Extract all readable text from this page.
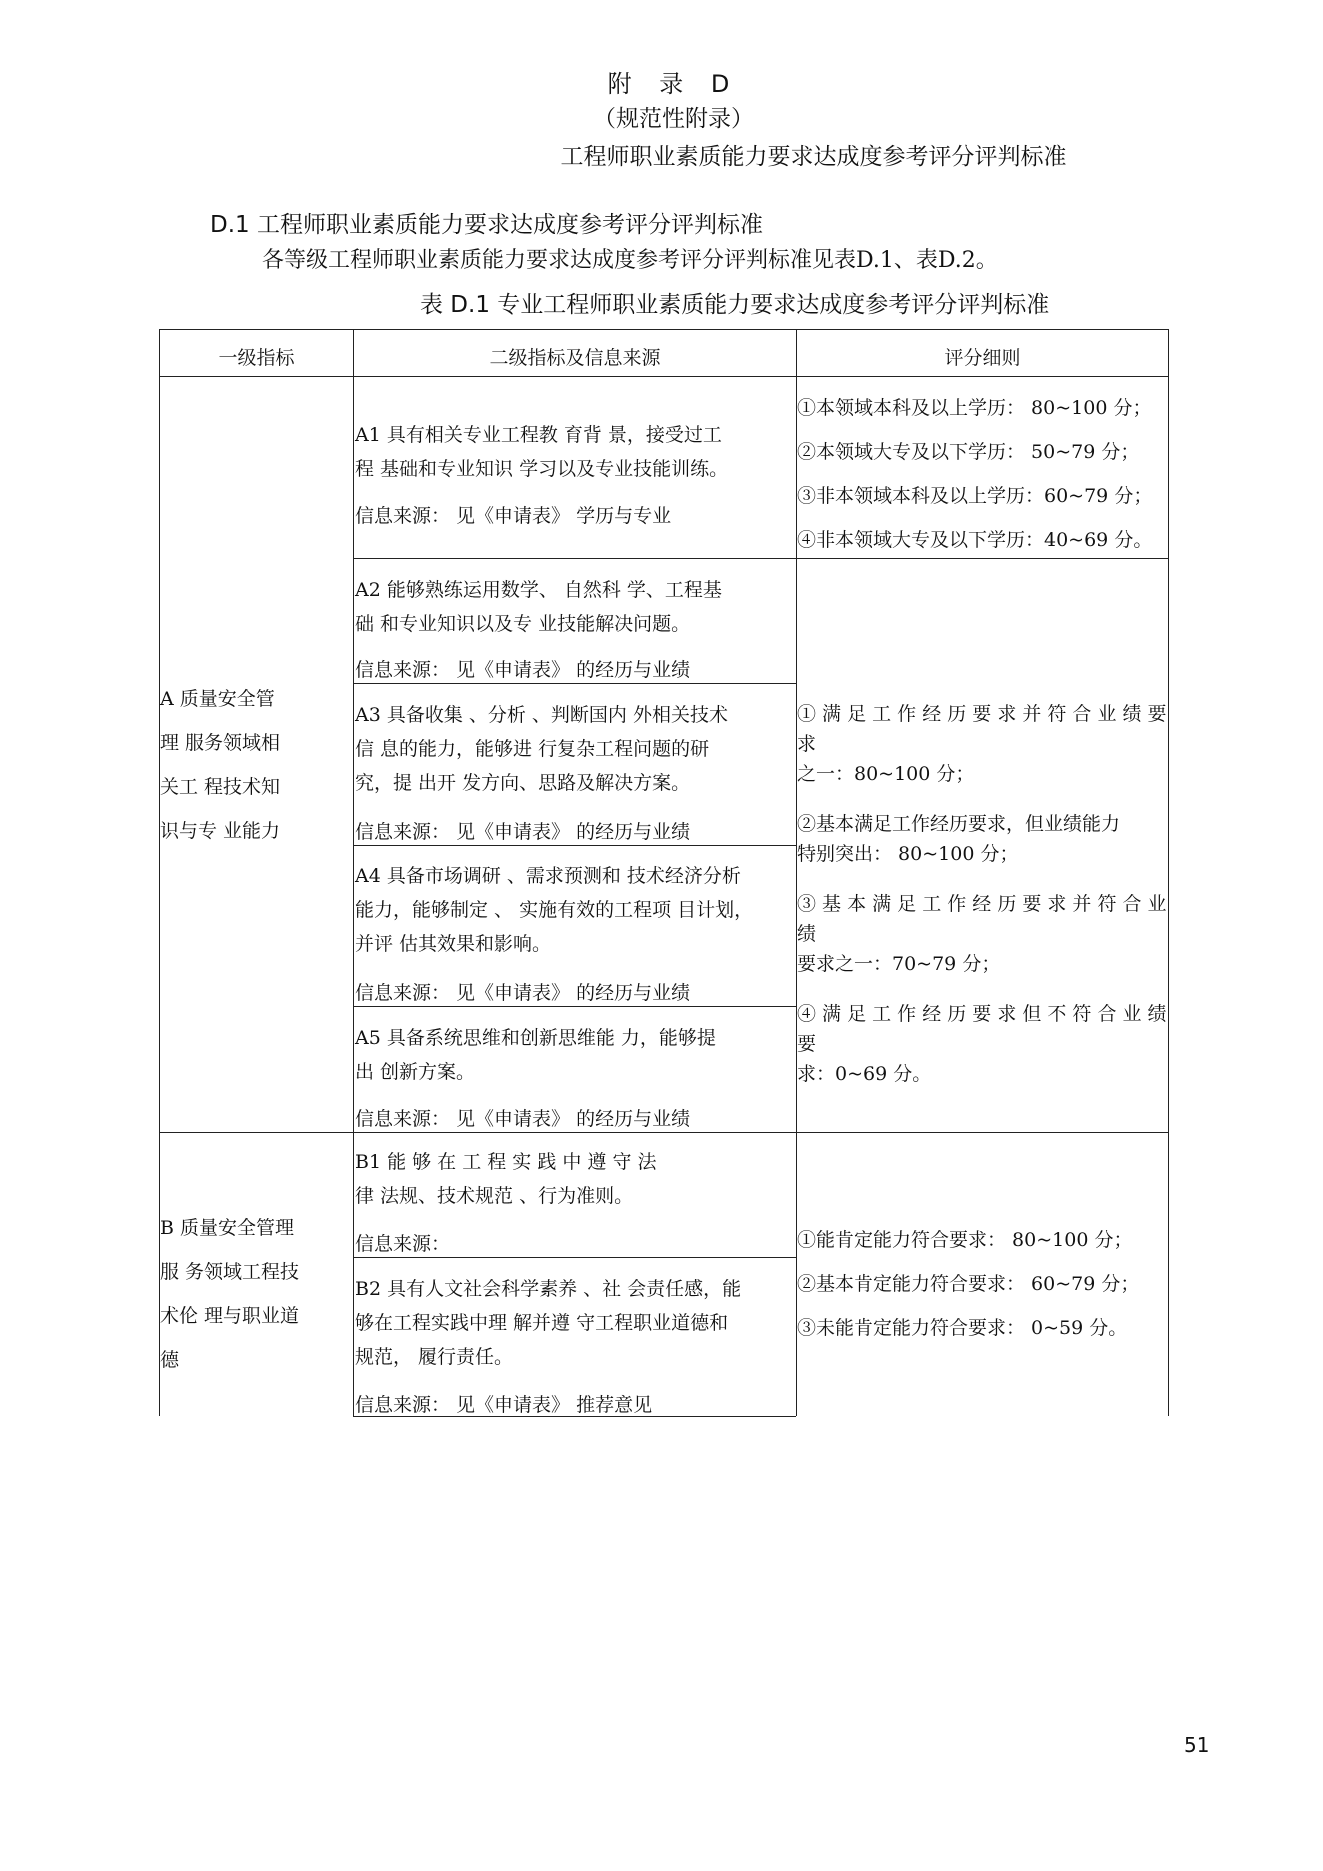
附 录 D
（规范性附录）
工程师职业素质能力要求达成度参考评分评判标准
D.1 工程师职业素质能力要求达成度参考评分评判标准
各等级工程师职业素质能力要求达成度参考评分评判标准见表D.1、表D.2。
表 D.1 专业工程师职业素质能力要求达成度参考评分评判标准
一级指标	二级指标及信息来源	评分细则

A 质量安全管

理 服务领域相

关工 程技术知

识与专 业能力

A1 具有相关专业工程教 育背 景，接受过工

程 基础和专业知识 学习以及专业技能训练。

信息来源： 见《申请表》 学历与专业

A2 能够熟练运用数学、 自然科 学、工程基

础 和专业知识以及专 业技能解决问题。

信息来源： 见《申请表》 的经历与业绩

A3 具备收集 、分析 、判断国内 外相关技术

信 息的能力，能够进 行复杂工程问题的研

究，提 出开 发方向、思路及解决方案。

信息来源： 见《申请表》 的经历与业绩

A4 具备市场调研 、需求预测和 技术经济分析

能力，能够制定 、 实施有效的工程项 目计划，

并评 估其效果和影响。

信息来源： 见《申请表》 的经历与业绩

A5 具备系统思维和创新思维能 力，能够提

出 创新方案。

信息来源： 见《申请表》 的经历与业绩

①本领域本科及以上学历： 80~100 分；

②本领域大专及以下学历： 50~79 分；

③非本领域本科及以上学历：60~79 分；

④非本领域大专及以下学历：40~69 分。

① 满 足 工 作 经 历 要 求 并 符 合 业 绩 要 求

之一：80~100 分；

②基本满足工作经历要求，但业绩能力

特别突出： 80~100 分；

③ 基 本 满 足 工 作 经 历 要 求 并 符 合 业 绩

要求之一：70~79 分；

④ 满 足 工 作 经 历 要 求 但 不 符 合 业 绩 要

求：0~69 分。

B 质量安全管理

服 务领域工程技

术伦 理与职业道

德

B1 能 够 在 工 程 实 践 中 遵 守 法

律 法规、技术规范 、行为准则。

信息来源：

B2 具有人文社会科学素养 、社 会责任感，能

够在工程实践中理 解并遵 守工程职业道德和

规范， 履行责任。

信息来源： 见《申请表》 推荐意见

①能肯定能力符合要求： 80~100 分；

②基本肯定能力符合要求： 60~79 分；

③未能肯定能力符合要求： 0~59 分。

51
